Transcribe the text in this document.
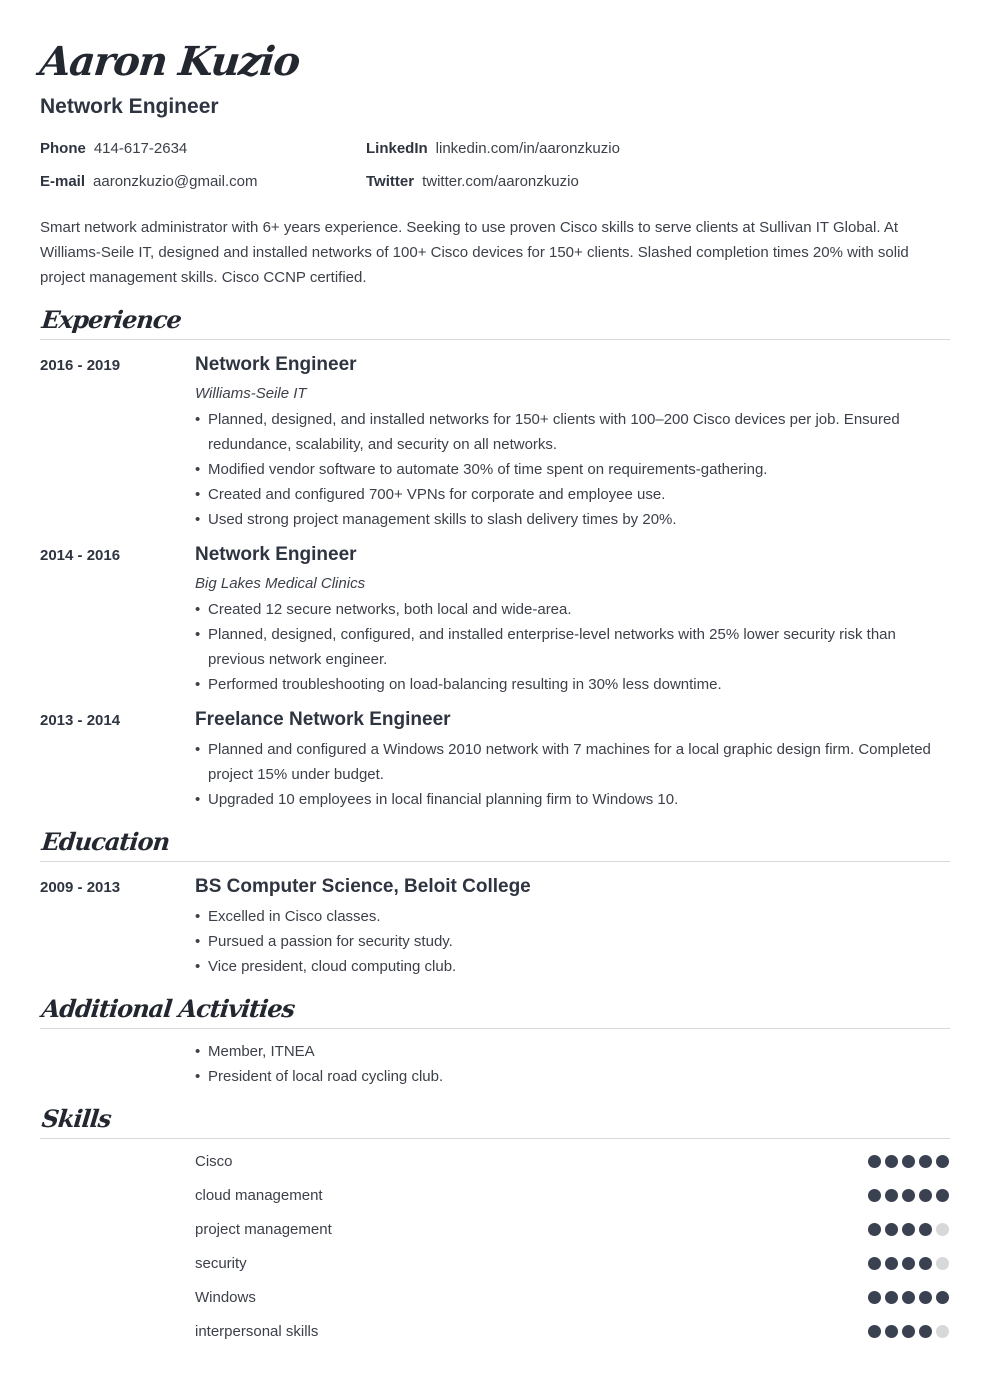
Aaron Kuzio
Network Engineer
Phone 414-617-2634	LinkedIn linkedin.com/in/aaronzkuzio
E-mail aaronzkuzio@gmail.com	Twitter twitter.com/aaronzkuzio
Smart network administrator with 6+ years experience. Seeking to use proven Cisco skills to serve clients at Sullivan IT Global. At Williams-Seile IT, designed and installed networks of 100+ Cisco devices for 150+ clients. Slashed completion times 20% with solid project management skills. Cisco CCNP certified.
Experience
2016 - 2019	Network Engineer
Williams-Seile IT
• Planned, designed, and installed networks for 150+ clients with 100–200 Cisco devices per job. Ensured redundance, scalability, and security on all networks.
• Modified vendor software to automate 30% of time spent on requirements-gathering.
• Created and configured 700+ VPNs for corporate and employee use.
• Used strong project management skills to slash delivery times by 20%.
2014 - 2016	Network Engineer
Big Lakes Medical Clinics
• Created 12 secure networks, both local and wide-area.
• Planned, designed, configured, and installed enterprise-level networks with 25% lower security risk than previous network engineer.
• Performed troubleshooting on load-balancing resulting in 30% less downtime.
2013 - 2014	Freelance Network Engineer
• Planned and configured a Windows 2010 network with 7 machines for a local graphic design firm. Completed project 15% under budget.
• Upgraded 10 employees in local financial planning firm to Windows 10.
Education
2009 - 2013	BS Computer Science, Beloit College
• Excelled in Cisco classes.
• Pursued a passion for security study.
• Vice president, cloud computing club.
Additional Activities
• Member, ITNEA
• President of local road cycling club.
Skills
Cisco
cloud management
project management
security
Windows
interpersonal skills
